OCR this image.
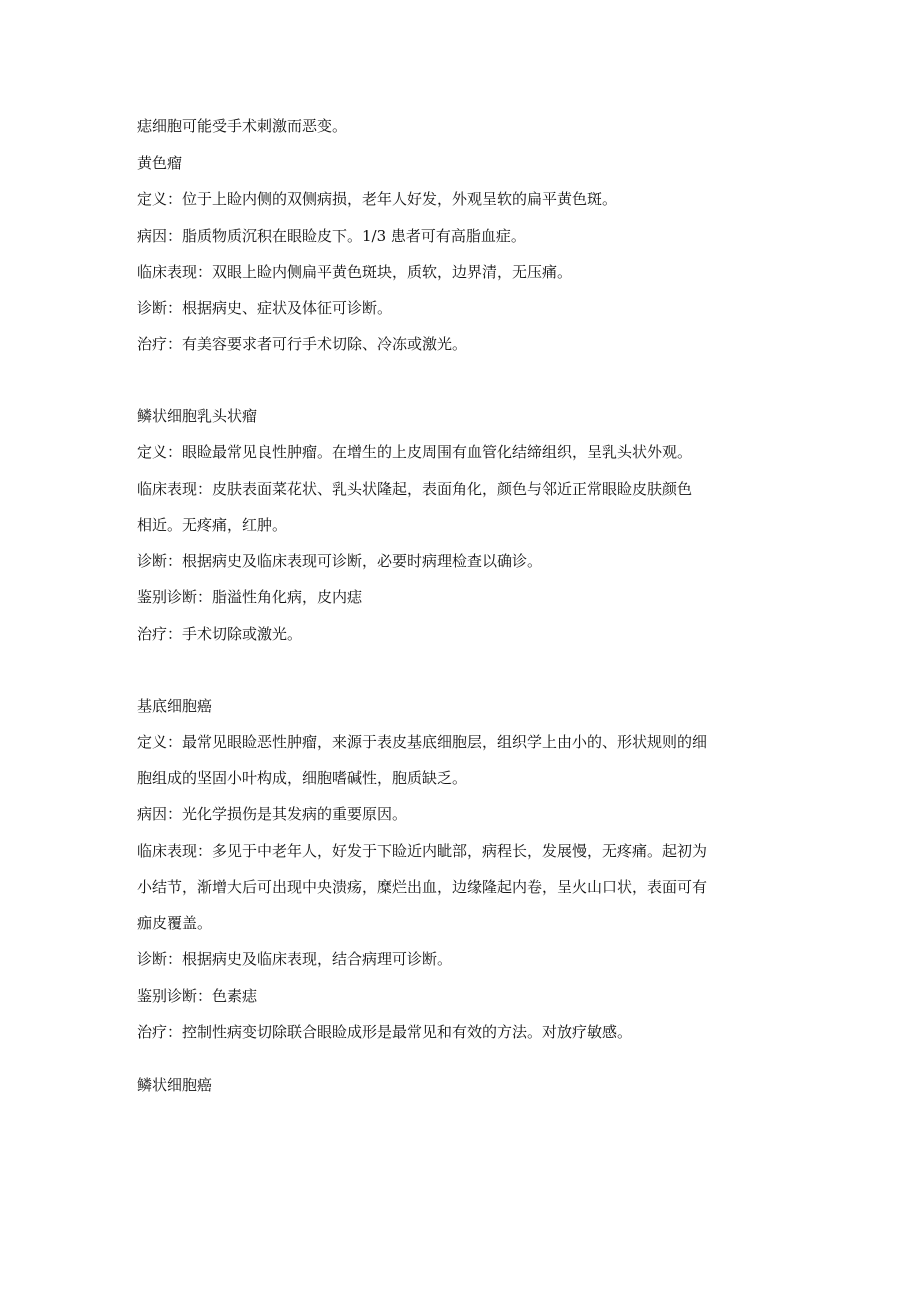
痣细胞可能受手术刺激而恶变。
黄色瘤
定义：位于上睑内侧的双侧病损，老年人好发，外观呈软的扁平黄色斑。
病因：脂质物质沉积在眼睑皮下。1/3 患者可有高脂血症。
临床表现：双眼上睑内侧扁平黄色斑块，质软，边界清，无压痛。
诊断：根据病史、症状及体征可诊断。
治疗：有美容要求者可行手术切除、冷冻或激光。
鳞状细胞乳头状瘤
定义：眼睑最常见良性肿瘤。在增生的上皮周围有血管化结缔组织，呈乳头状外观。
临床表现：皮肤表面菜花状、乳头状隆起，表面角化，颜色与邻近正常眼睑皮肤颜色
相近。无疼痛，红肿。
诊断：根据病史及临床表现可诊断，必要时病理检查以确诊。
鉴别诊断：脂溢性角化病，皮内痣
治疗：手术切除或激光。
基底细胞癌
定义：最常见眼睑恶性肿瘤，来源于表皮基底细胞层，组织学上由小的、形状规则的细
胞组成的坚固小叶构成，细胞嗜碱性，胞质缺乏。
病因：光化学损伤是其发病的重要原因。
临床表现：多见于中老年人，好发于下睑近内眦部，病程长，发展慢，无疼痛。起初为
小结节，渐增大后可出现中央溃疡，糜烂出血，边缘隆起内卷，呈火山口状，表面可有
痂皮覆盖。
诊断：根据病史及临床表现，结合病理可诊断。
鉴别诊断：色素痣
治疗：控制性病变切除联合眼睑成形是最常见和有效的方法。对放疗敏感。
鳞状细胞癌
